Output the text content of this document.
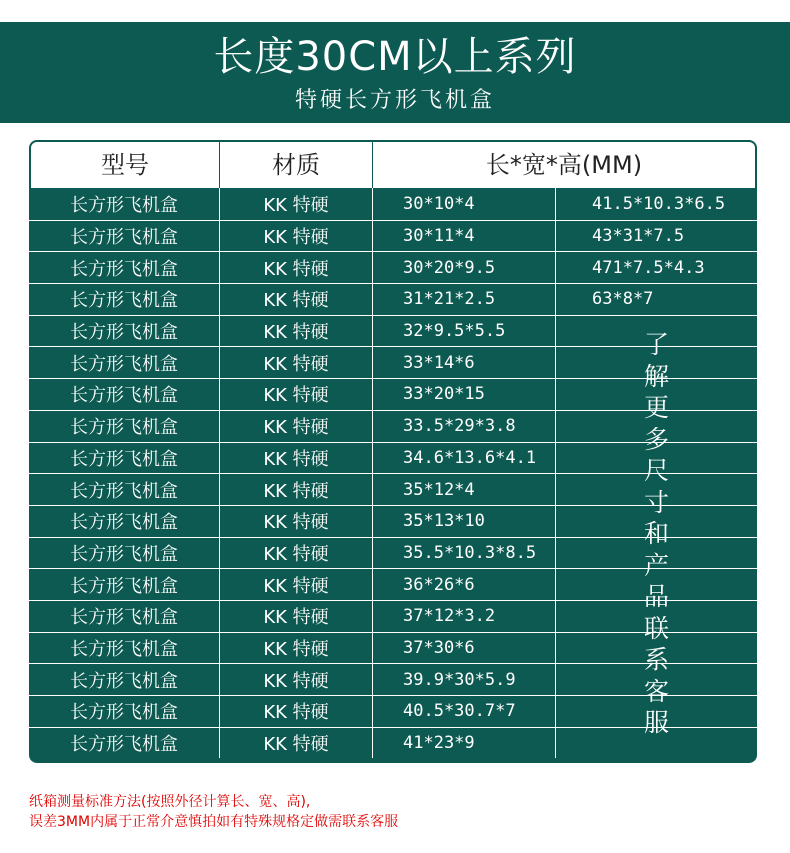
长度30CM以上系列
特硬长方形飞机盒
型号	材质	长*宽*高(MM)
长方形飞机盒	KK 特硬	30*10*4	41.5*10.3*6.5
长方形飞机盒	KK 特硬	30*11*4	43*31*7.5
长方形飞机盒	KK 特硬	30*20*9.5	471*7.5*4.3
长方形飞机盒	KK 特硬	31*21*2.5	63*8*7
长方形飞机盒	KK 特硬	32*9.5*5.5
长方形飞机盒	KK 特硬	33*14*6
长方形飞机盒	KK 特硬	33*20*15
长方形飞机盒	KK 特硬	33.5*29*3.8
长方形飞机盒	KK 特硬	34.6*13.6*4.1
长方形飞机盒	KK 特硬	35*12*4
长方形飞机盒	KK 特硬	35*13*10
长方形飞机盒	KK 特硬	35.5*10.3*8.5
长方形飞机盒	KK 特硬	36*26*6
长方形飞机盒	KK 特硬	37*12*3.2
长方形飞机盒	KK 特硬	37*30*6
长方形飞机盒	KK 特硬	39.9*30*5.9
长方形飞机盒	KK 特硬	40.5*30.7*7
长方形飞机盒	KK 特硬	41*23*9
了
解
更
多
尺
寸
和
产
品
联
系
客
服
纸箱测量标准方法(按照外径计算长、宽、高),
误差3MM内属于正常介意慎拍如有特殊规格定做需联系客服
